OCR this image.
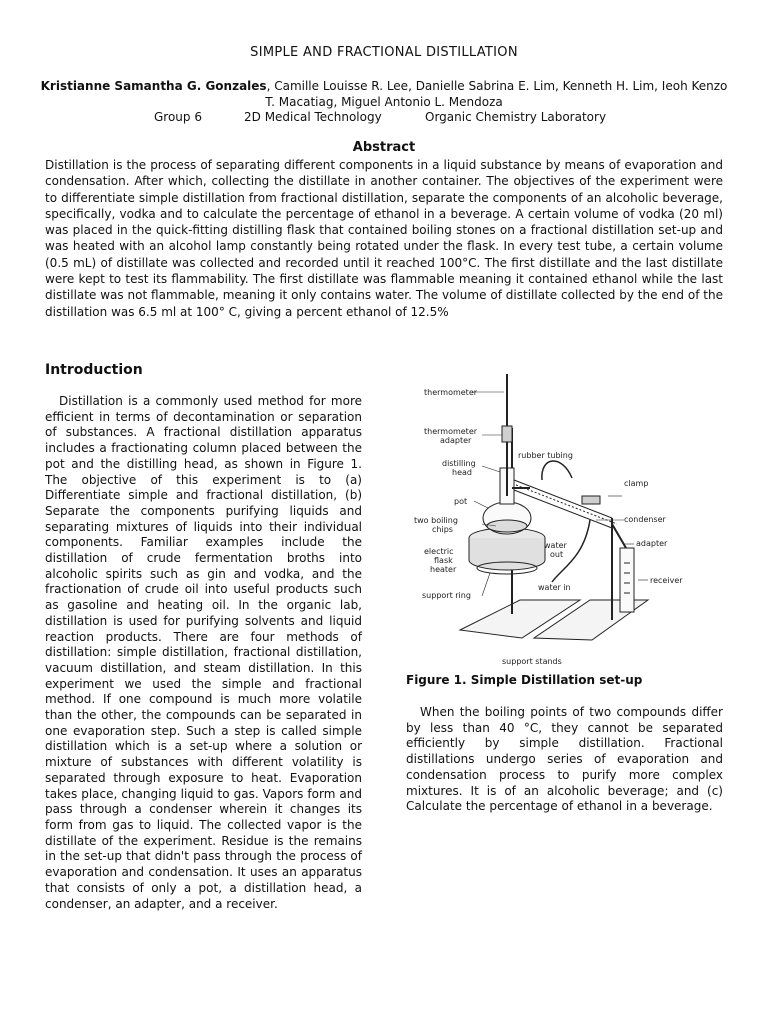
SIMPLE AND FRACTIONAL DISTILLATION
Kristianne Samantha G. Gonzales, Camille Louisse R. Lee, Danielle Sabrina E. Lim, Kenneth H. Lim, Ieoh Kenzo T. Macatiag, Miguel Antonio L. Mendoza
Group 6	2D Medical Technology	Organic Chemistry Laboratory
Abstract

Distillation is the process of separating different components in a liquid substance by means of evaporation and condensation. After which, collecting the distillate in another container. The objectives of the experiment were to differentiate simple distillation from fractional distillation, separate the components of an alcoholic beverage, specifically, vodka and to calculate the percentage of ethanol in a beverage. A certain volume of vodka (20 ml) was placed in the quick-fitting distilling flask that contained boiling stones on a fractional distillation set-up and was heated with an alcohol lamp constantly being rotated under the flask. In every test tube, a certain volume (0.5 mL) of distillate was collected and recorded until it reached 100°C. The first distillate and the last distillate were kept to test its flammability. The first distillate was flammable meaning it contained ethanol while the last distillate was not flammable, meaning it only contains water. The volume of distillate collected by the end of the distillation was 6.5 ml at 100° C, giving a percent ethanol of 12.5%

Introduction

Distillation is a commonly used method for more efficient in terms of decontamination or separation of substances. A fractional distillation apparatus includes a fractionating column placed between the pot and the distilling head, as shown in Figure 1. The objective of this experiment is to (a) Differentiate simple and fractional distillation, (b) Separate the components purifying liquids and separating mixtures of liquids into their individual components. Familiar examples include the distillation of crude fermentation broths into alcoholic spirits such as gin and vodka, and the fractionation of crude oil into useful products such as gasoline and heating oil. In the organic lab, distillation is used for purifying solvents and liquid reaction products. There are four methods of distillation: simple distillation, fractional distillation, vacuum distillation, and steam distillation. In this experiment we used the simple and fractional method. If one compound is much more volatile than the other, the compounds can be separated in one evaporation step. Such a step is called simple distillation which is a set-up where a solution or mixture of substances with different volatility is separated through exposure to heat. Evaporation takes place, changing liquid to gas. Vapors form and pass through a condenser wherein it changes its form from gas to liquid. The collected vapor is the distillate of the experiment. Residue is the remains in the set-up that didn't pass through the process of evaporation and condensation. It uses an apparatus that consists of only a pot, a distillation head, a condenser, an adapter, and a receiver.

thermometer
thermometer
adapter
distilling
head
rubber tubing
clamp
pot
two boiling
chips
condenser
adapter
water
out
electric
flask
heater
receiver
water in
support ring
support stands
Figure 1. Simple Distillation set-up

When the boiling points of two compounds differ by less than 40 °C, they cannot be separated efficiently by simple distillation. Fractional distillations undergo series of evaporation and condensation process to purify more complex mixtures. It is of an alcoholic beverage; and (c) Calculate the percentage of ethanol in a beverage.
